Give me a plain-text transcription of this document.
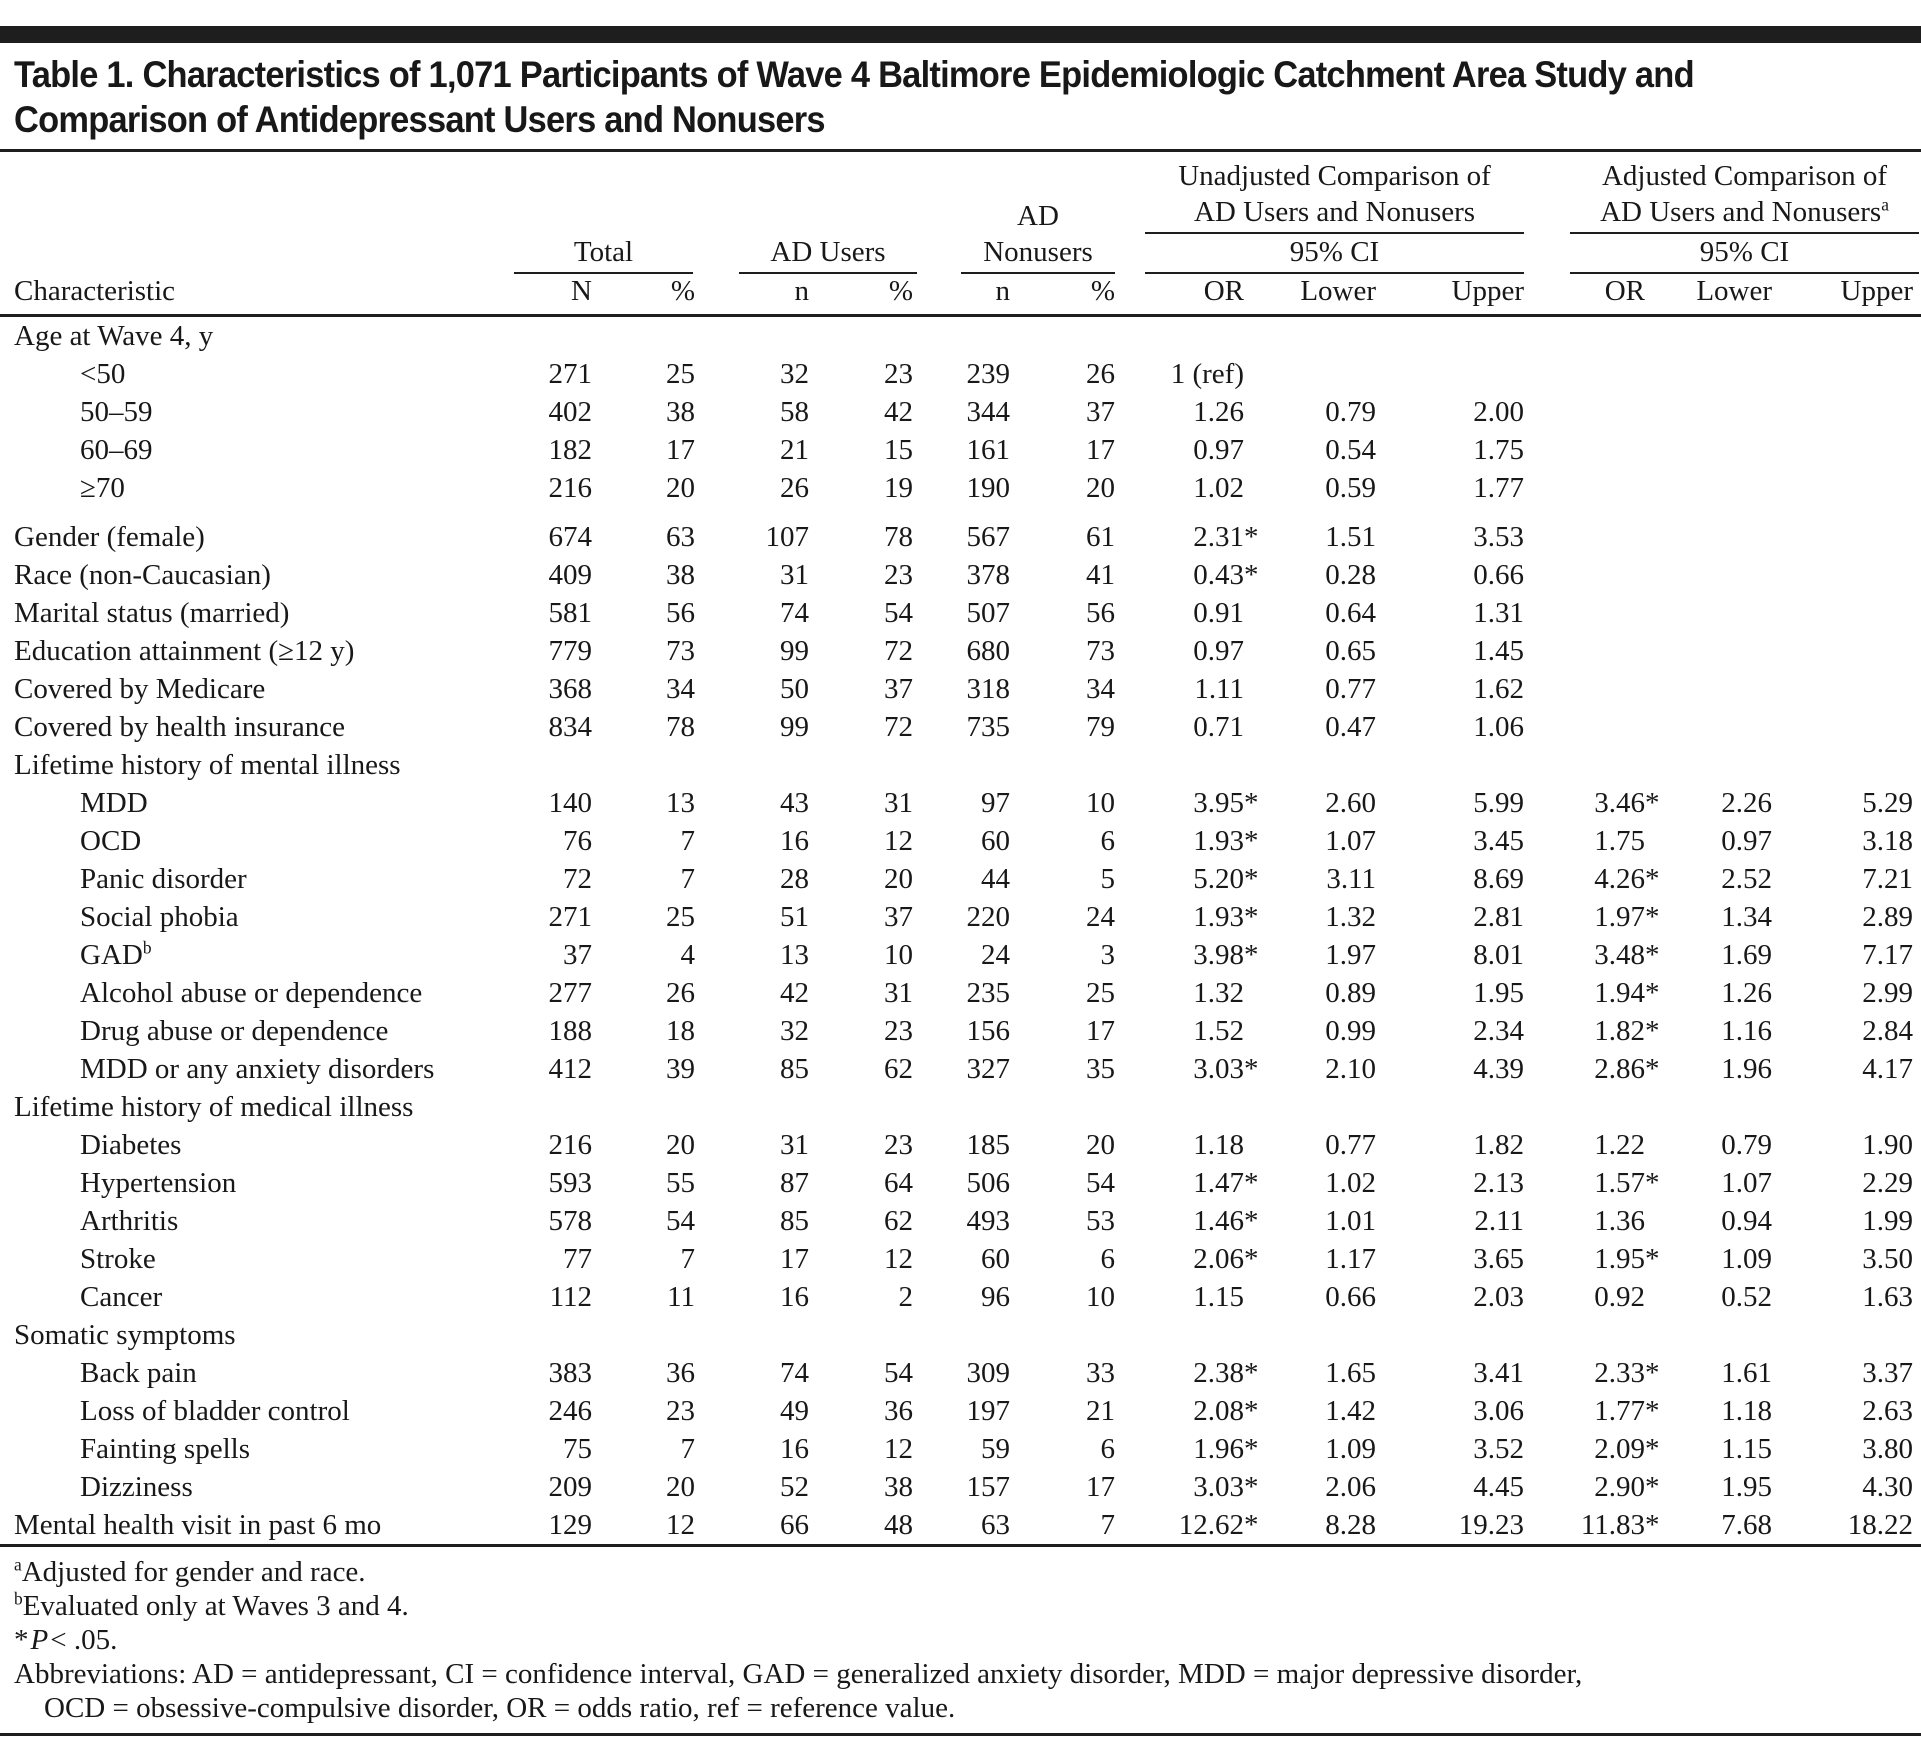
Table 1. Characteristics of 1,071 Participants of Wave 4 Baltimore Epidemiologic Catchment Area Study and
Comparison of Antidepressant Users and Nonusers

							Unadjusted Comparison of			Adjusted Comparison of		

					AD		AD Users and Nonusers			AD Users and Nonusers$^a$

	Total		AD Users		Nonusers		95% CI			95% CI		

Characteristic	N	%	n	%	n	%	OR	Lower	Upper	OR	Lower	Upper
Age at Wave 4, y												
<50	271	25	32	23	239	26	1 (ref)					
50–59	402	38	58	42	344	37	1.26	0.79	2.00			
60–69	182	17	21	15	161	17	0.97	0.54	1.75			
≥70	216	20	26	19	190	20	1.02	0.59	1.77			
Gender (female)	674	63	107	78	567	61	2.31*	1.51	3.53			
Race (non-Caucasian)	409	38	31	23	378	41	0.43*	0.28	0.66			
Marital status (married)	581	56	74	54	507	56	0.91	0.64	1.31			
Education attainment (≥12 y)	779	73	99	72	680	73	0.97	0.65	1.45			
Covered by Medicare	368	34	50	37	318	34	1.11	0.77	1.62			
Covered by health insurance	834	78	99	72	735	79	0.71	0.47	1.06			
Lifetime history of mental illness												
MDD	140	13	43	31	97	10	3.95*	2.60	5.99	3.46*	2.26	5.29
OCD	76	7	16	12	60	6	1.93*	1.07	3.45	1.75	0.97	3.18
Panic disorder	72	7	28	20	44	5	5.20*	3.11	8.69	4.26*	2.52	7.21
Social phobia	271	25	51	37	220	24	1.93*	1.32	2.81	1.97*	1.34	2.89
GAD$^b$	37	4	13	10	24	3	3.98*	1.97	8.01	3.48*	1.69	7.17
Alcohol abuse or dependence	277	26	42	31	235	25	1.32	0.89	1.95	1.94*	1.26	2.99
Drug abuse or dependence	188	18	32	23	156	17	1.52	0.99	2.34	1.82*	1.16	2.84
MDD or any anxiety disorders	412	39	85	62	327	35	3.03*	2.10	4.39	2.86*	1.96	4.17
Lifetime history of medical illness												
Diabetes	216	20	31	23	185	20	1.18	0.77	1.82	1.22	0.79	1.90
Hypertension	593	55	87	64	506	54	1.47*	1.02	2.13	1.57*	1.07	2.29
Arthritis	578	54	85	62	493	53	1.46*	1.01	2.11	1.36	0.94	1.99
Stroke	77	7	17	12	60	6	2.06*	1.17	3.65	1.95*	1.09	3.50
Cancer	112	11	16	2	96	10	1.15	0.66	2.03	0.92	0.52	1.63
Somatic symptoms												
Back pain	383	36	74	54	309	33	2.38*	1.65	3.41	2.33*	1.61	3.37
Loss of bladder control	246	23	49	36	197	21	2.08*	1.42	3.06	1.77*	1.18	2.63
Fainting spells	75	7	16	12	59	6	1.96*	1.09	3.52	2.09*	1.15	3.80
Dizziness	209	20	52	38	157	17	3.03*	2.06	4.45	2.90*	1.95	4.30
Mental health visit in past 6 mo	129	12	66	48	63	7	12.62*	8.28	19.23	11.83*	7.68	18.22
$^a$Adjusted for gender and race.
$^b$Evaluated only at Waves 3 and 4.
*P< .05.
Abbreviations: AD = antidepressant, CI = confidence interval, GAD = generalized anxiety disorder, MDD = major depressive disorder,
OCD = obsessive-compulsive disorder, OR = odds ratio, ref = reference value.
